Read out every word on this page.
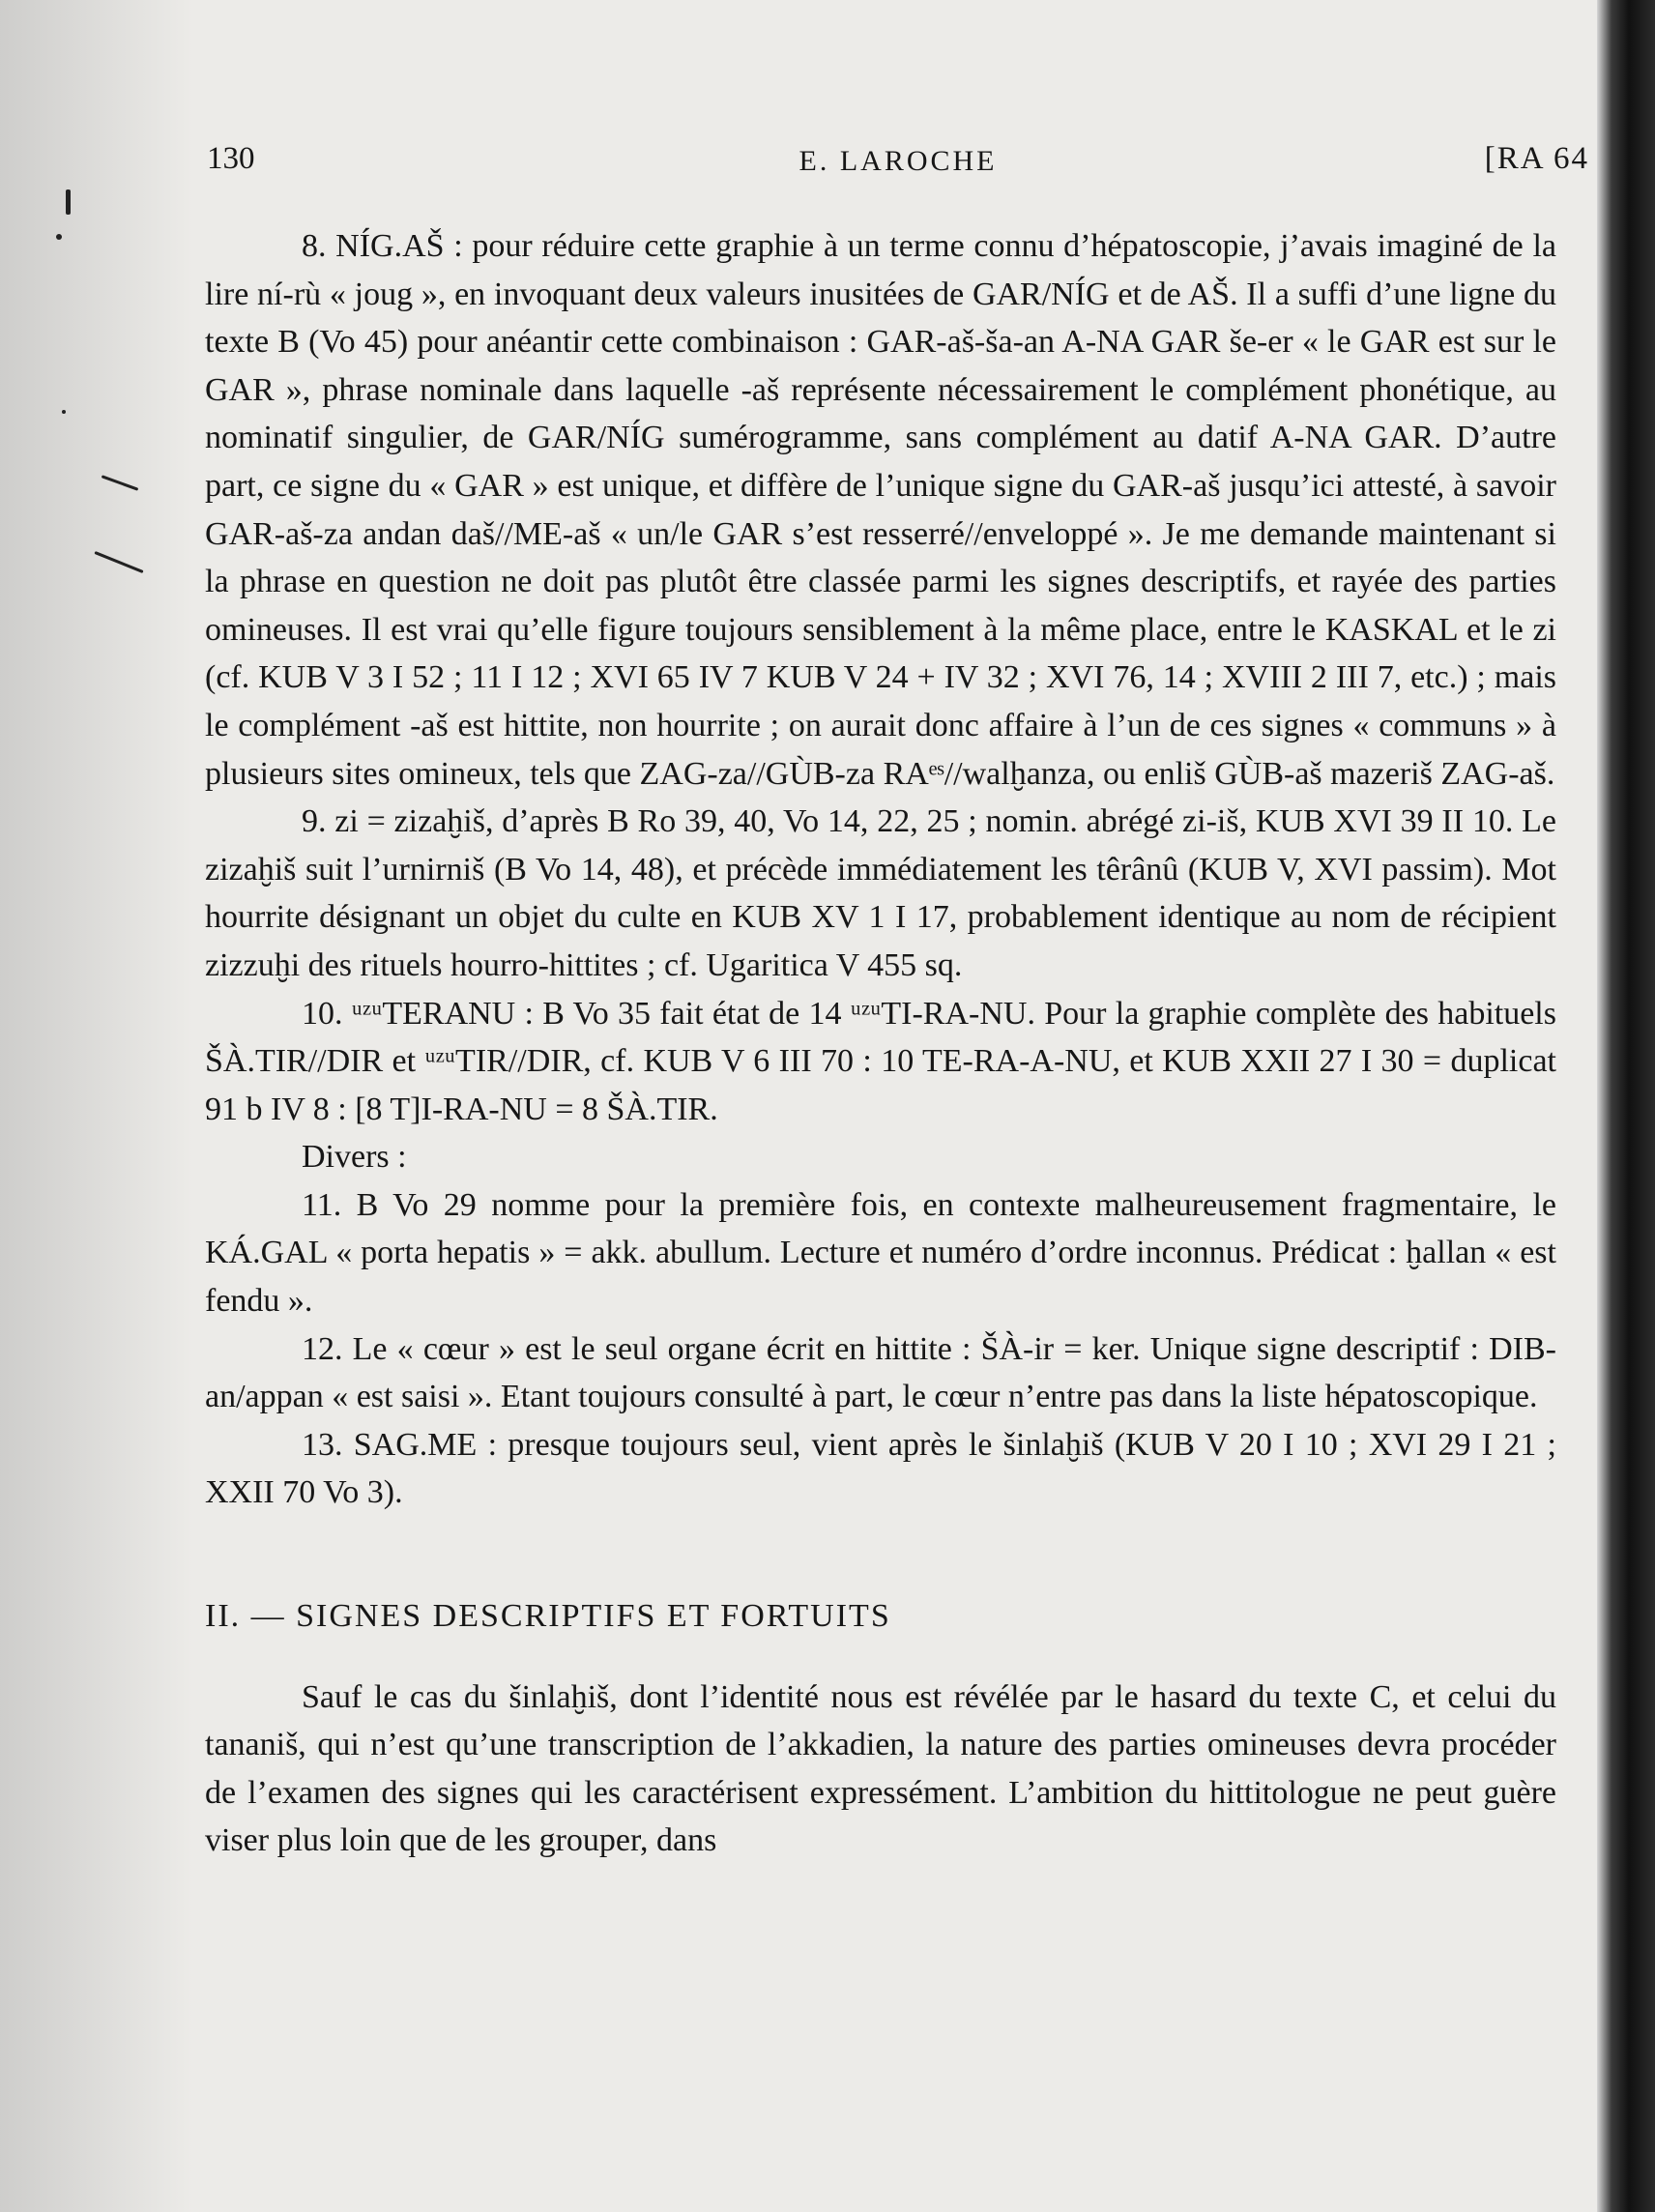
130	E. LAROCHE	[RA 64

8. NÍG.AŠ : pour réduire cette graphie à un terme connu d’hépatoscopie, j’avais imaginé de la lire ní-rù « joug », en invoquant deux valeurs inusitées de GAR/NÍG et de AŠ. Il a suffi d’une ligne du texte B (Vo 45) pour anéantir cette combinaison : GAR-aš-ša-an A-NA GAR še-er « le GAR est sur le GAR », phrase nominale dans laquelle -aš représente nécessairement le complément phonétique, au nominatif singulier, de GAR/NÍG sumérogramme, sans complément au datif A-NA GAR. D’autre part, ce signe du « GAR » est unique, et diffère de l’unique signe du GAR-aš jusqu’ici attesté, à savoir GAR-aš-za andan daš//ME-aš « un/le GAR s’est resserré//enveloppé ». Je me demande maintenant si la phrase en question ne doit pas plutôt être classée parmi les signes descriptifs, et rayée des parties omineuses. Il est vrai qu’elle figure toujours sensiblement à la même place, entre le KASKAL et le zi (cf. KUB V 3 I 52 ; 11 I 12 ; XVI 65 IV 7 KUB V 24 + IV 32 ; XVI 76, 14 ; XVIII 2 III 7, etc.) ; mais le complément -aš est hittite, non hourrite ; on aurait donc affaire à l’un de ces signes « communs » à plusieurs sites omineux, tels que ZAG-za//GÙB-za RAᵉˢ//walḫanza, ou enliš GÙB-aš mazeriš ZAG-aš.

9. zi = zizaḫiš, d’après B Ro 39, 40, Vo 14, 22, 25 ; nomin. abrégé zi-iš, KUB XVI 39 II 10. Le zizaḫiš suit l’urnirniš (B Vo 14, 48), et précède immédiatement les têrânû (KUB V, XVI passim). Mot hourrite désignant un objet du culte en KUB XV 1 I 17, probablement identique au nom de récipient zizzuḫi des rituels hourro-hittites ; cf. Ugaritica V 455 sq.

10. ᵘᶻᵘTERANU : B Vo 35 fait état de 14 ᵘᶻᵘTI-RA-NU. Pour la graphie complète des habituels ŠÀ.TIR//DIR et ᵘᶻᵘTIR//DIR, cf. KUB V 6 III 70 : 10 TE-RA-A-NU, et KUB XXII 27 I 30 = duplicat 91 b IV 8 : [8 T]I-RA-NU = 8 ŠÀ.TIR.

Divers :

11. B Vo 29 nomme pour la première fois, en contexte malheureusement fragmentaire, le KÁ.GAL « porta hepatis » = akk. abullum. Lecture et numéro d’ordre inconnus. Prédicat : ḫallan « est fendu ».

12. Le « cœur » est le seul organe écrit en hittite : ŠÀ-ir = ker. Unique signe descriptif : DIB-an/appan « est saisi ». Etant toujours consulté à part, le cœur n’entre pas dans la liste hépatoscopique.

13. SAG.ME : presque toujours seul, vient après le šinlaḫiš (KUB V 20 I 10 ; XVI 29 I 21 ; XXII 70 Vo 3).

II. — SIGNES DESCRIPTIFS ET FORTUITS

Sauf le cas du šinlaḫiš, dont l’identité nous est révélée par le hasard du texte C, et celui du tananiš, qui n’est qu’une transcription de l’akkadien, la nature des parties omineuses devra procéder de l’examen des signes qui les caractérisent expressément. L’ambition du hittitologue ne peut guère viser plus loin que de les grouper, dans
